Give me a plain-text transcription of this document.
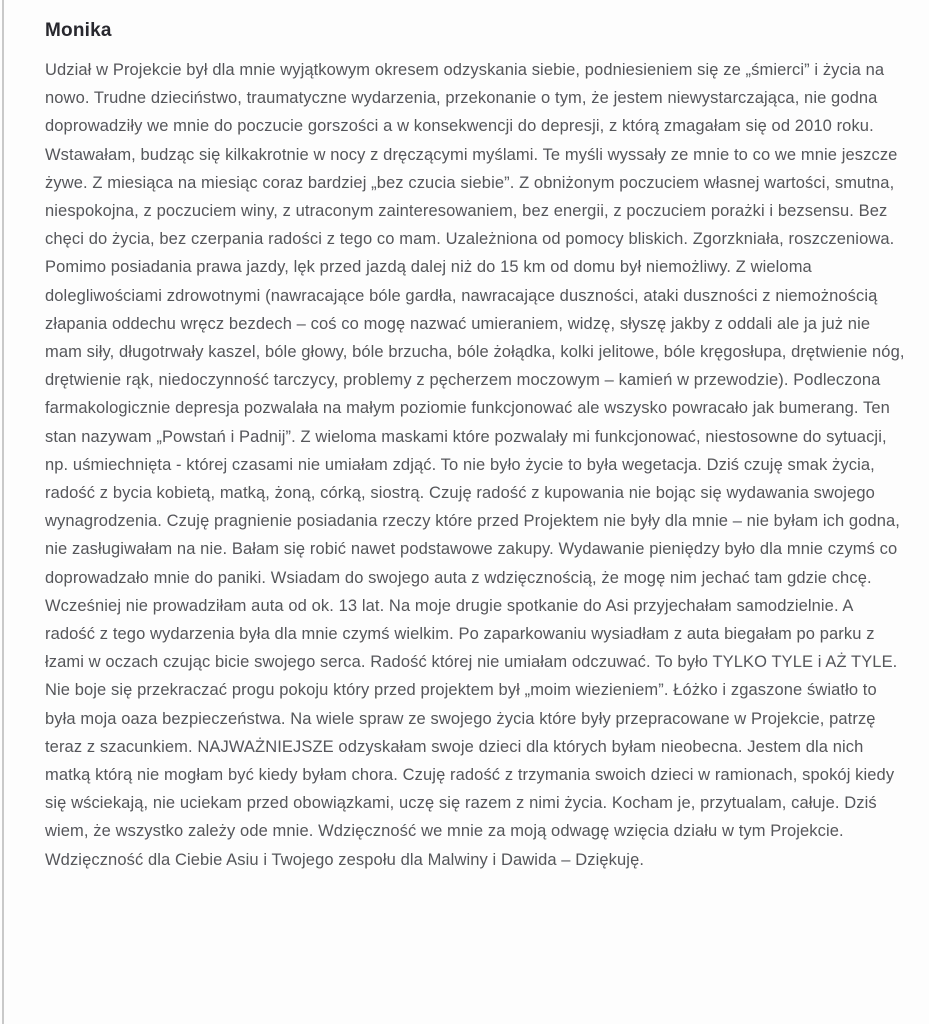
Monika

Udział w Projekcie był dla mnie wyjątkowym okresem odzyskania siebie, podniesieniem się ze „śmierci” i życia na nowo. Trudne dzieciństwo, traumatyczne wydarzenia, przekonanie o tym, że jestem niewystarczająca, nie godna doprowadziły we mnie do poczucie gorszości a w konsekwencji do depresji, z którą zmagałam się od 2010 roku. Wstawałam, budząc się kilkakrotnie w nocy z dręczącymi myślami. Te myśli wyssały ze mnie to co we mnie jeszcze żywe. Z miesiąca na miesiąc coraz bardziej „bez czucia siebie”. Z obniżonym poczuciem własnej wartości, smutna, niespokojna, z poczuciem winy, z utraconym zainteresowaniem, bez energii, z poczuciem porażki i bezsensu. Bez chęci do życia, bez czerpania radości z tego co mam. Uzależniona od pomocy bliskich. Zgorzkniała, roszczeniowa. Pomimo posiadania prawa jazdy, lęk przed jazdą dalej niż do 15 km od domu był niemożliwy. Z wieloma dolegliwościami zdrowotnymi (nawracające bóle gardła, nawracające duszności, ataki duszności z niemożnością złapania oddechu wręcz bezdech – coś co mogę nazwać umieraniem, widzę, słyszę jakby z oddali ale ja już nie mam siły, długotrwały kaszel, bóle głowy, bóle brzucha, bóle żołądka, kolki jelitowe, bóle kręgosłupa, drętwienie nóg, drętwienie rąk, niedoczynność tarczycy, problemy z pęcherzem moczowym – kamień w przewodzie). Podleczona farmakologicznie depresja pozwalała na małym poziomie funkcjonować ale wszysko powracało jak bumerang. Ten stan nazywam „Powstań i Padnij”. Z wieloma maskami które pozwalały mi funkcjonować, niestosowne do sytuacji, np. uśmiechnięta - której czasami nie umiałam zdjąć. To nie było życie to była wegetacja. Dziś czuję smak życia, radość z bycia kobietą, matką, żoną, córką, siostrą. Czuję radość z kupowania nie bojąc się wydawania swojego wynagrodzenia. Czuję pragnienie posiadania rzeczy które przed Projektem nie były dla mnie – nie byłam ich godna, nie zasługiwałam na nie. Bałam się robić nawet podstawowe zakupy. Wydawanie pieniędzy było dla mnie czymś co doprowadzało mnie do paniki. Wsiadam do swojego auta z wdzięcznością, że mogę nim jechać tam gdzie chcę. Wcześniej nie prowadziłam auta od ok. 13 lat. Na moje drugie spotkanie do Asi przyjechałam samodzielnie. A radość z tego wydarzenia była dla mnie czymś wielkim. Po zaparkowaniu wysiadłam z auta biegałam po parku z łzami w oczach czując bicie swojego serca. Radość której nie umiałam odczuwać. To było TYLKO TYLE i AŻ TYLE. Nie boje się przekraczać progu pokoju który przed projektem był „moim wiezieniem”. Łóżko i zgaszone światło to była moja oaza bezpieczeństwa. Na wiele spraw ze swojego życia które były przepracowane w Projekcie, patrzę teraz z szacunkiem. NAJWAŻNIEJSZE odzyskałam swoje dzieci dla których byłam nieobecna. Jestem dla nich matką którą nie mogłam być kiedy byłam chora. Czuję radość z trzymania swoich dzieci w ramionach, spokój kiedy się wściekają, nie uciekam przed obowiązkami, uczę się razem z nimi życia. Kocham je, przytualam, całuje. Dziś wiem, że wszystko zależy ode mnie. Wdzięczność we mnie za moją odwagę wzięcia działu w tym Projekcie. Wdzięczność dla Ciebie Asiu i Twojego zespołu dla Malwiny i Dawida – Dziękuję.
